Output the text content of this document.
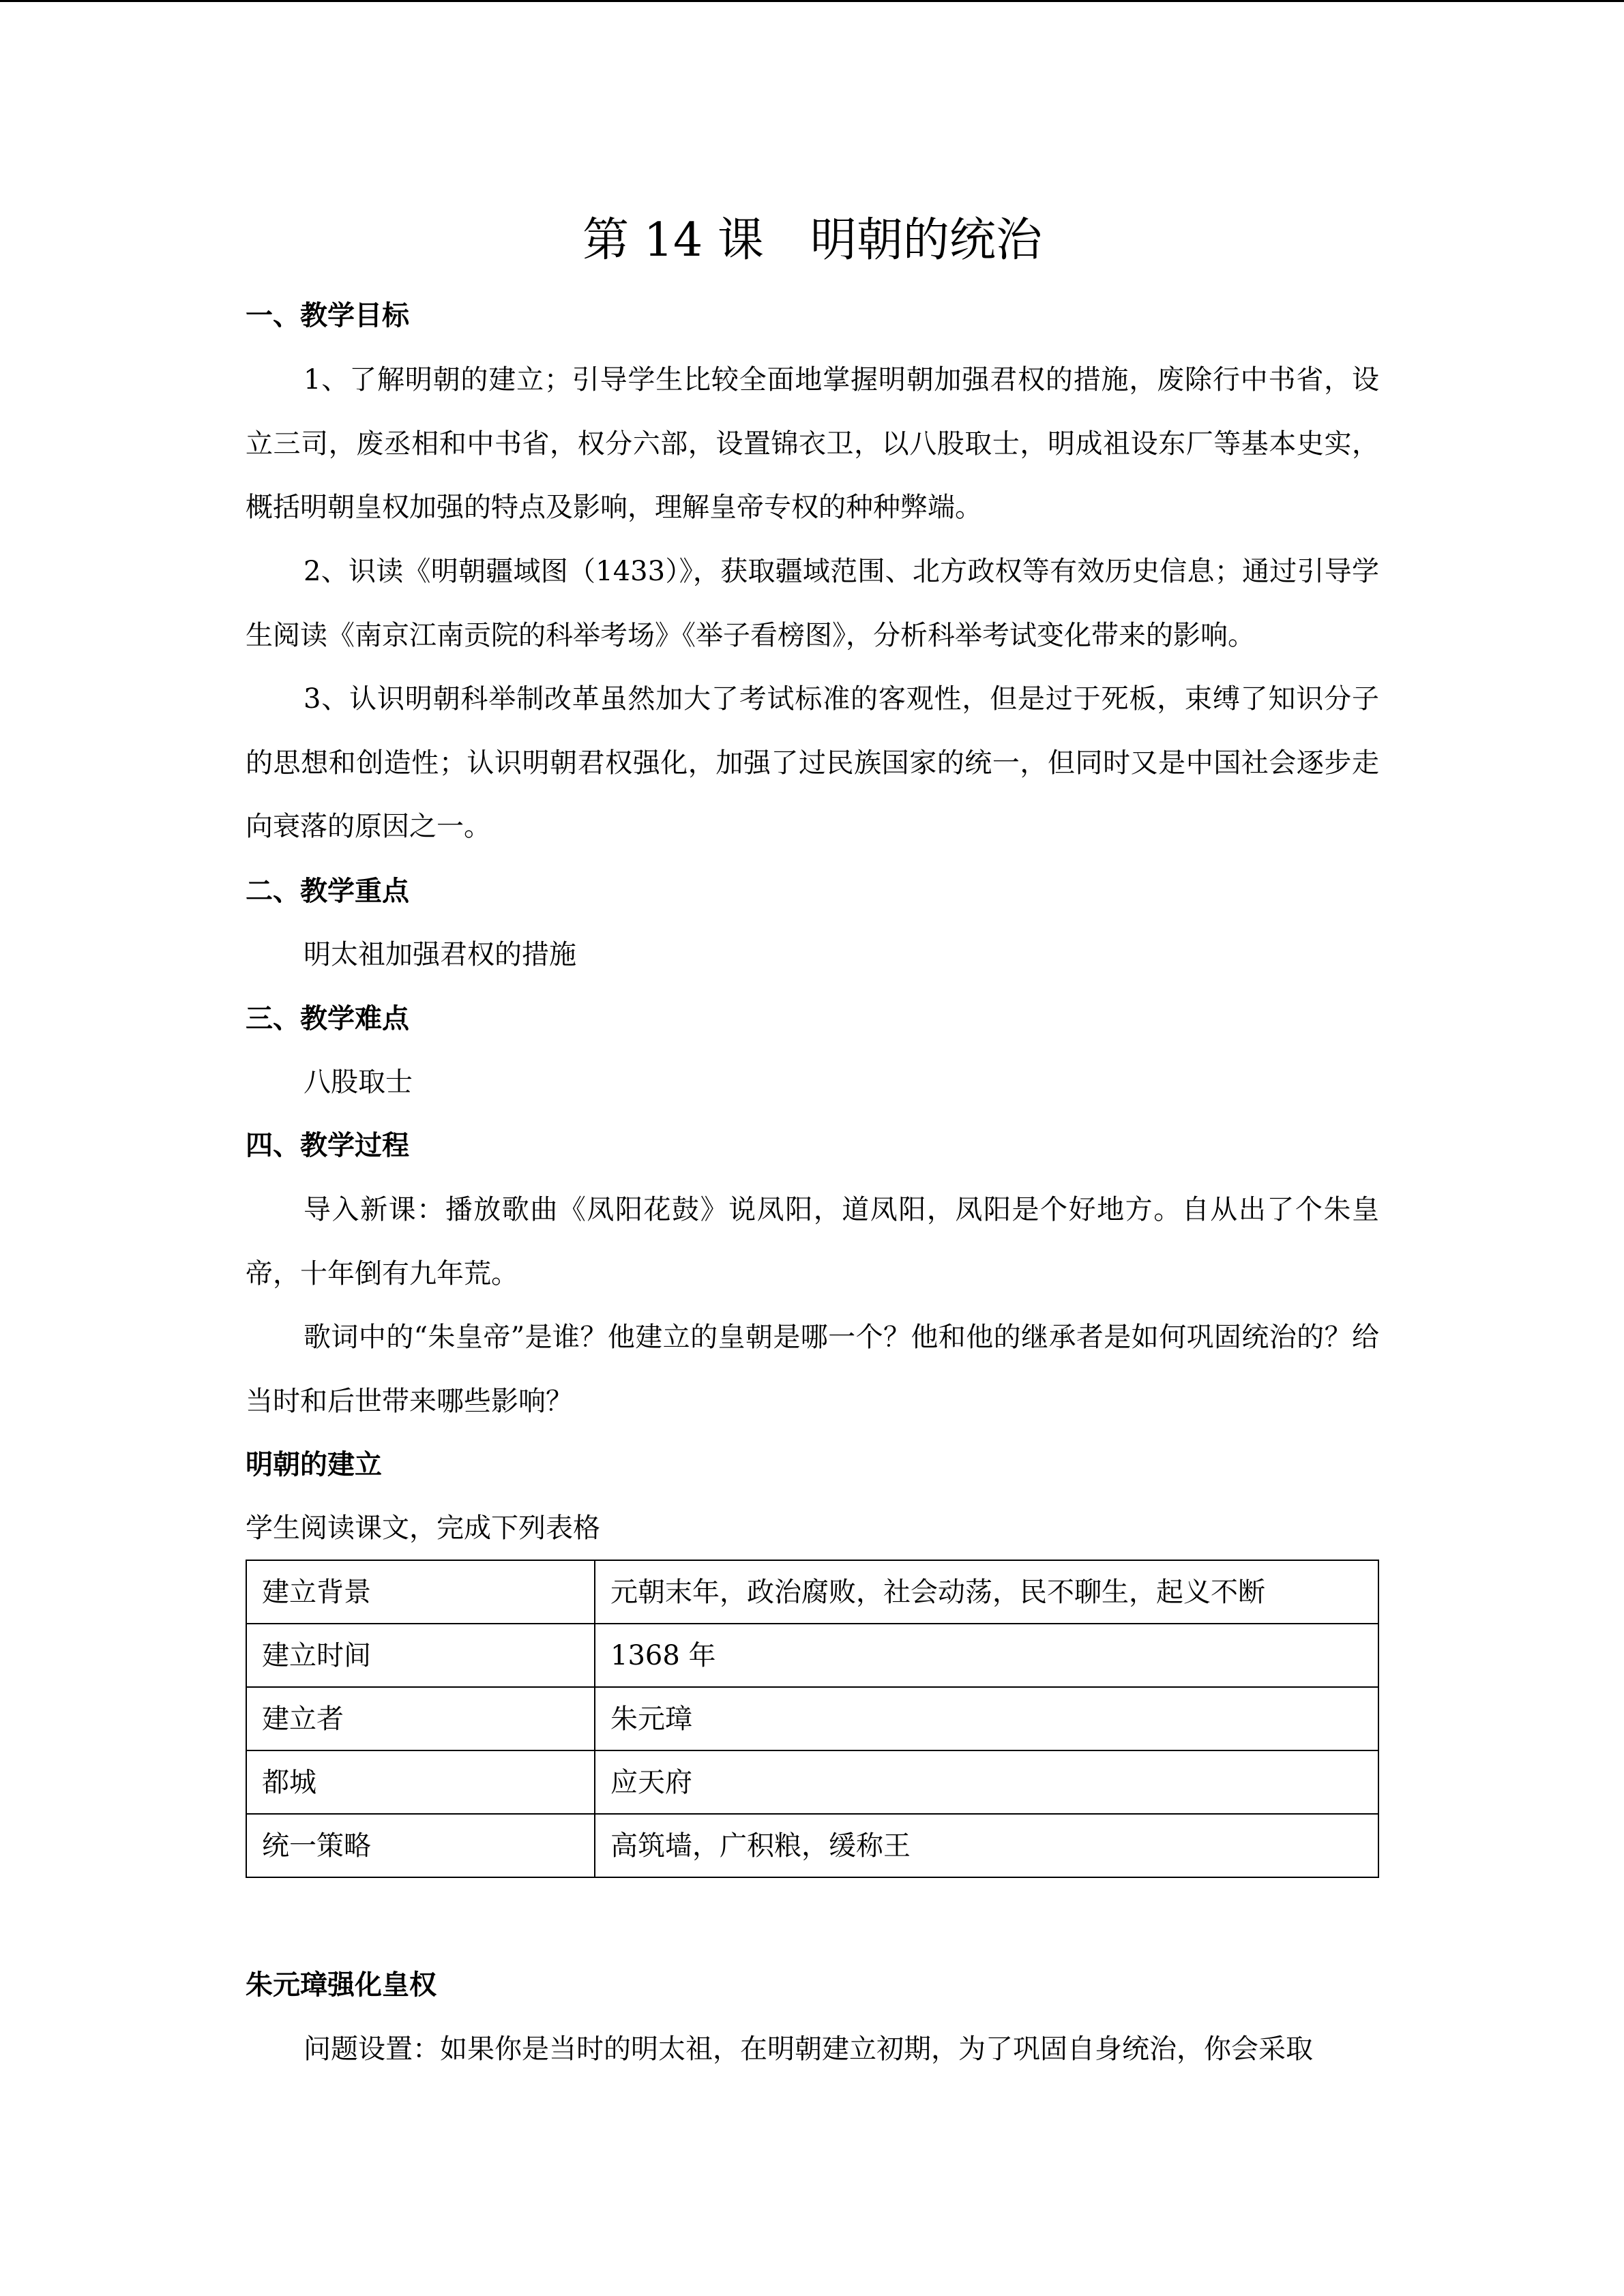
第 14 课　明朝的统治
一、教学目标

1、了解明朝的建立；引导学生比较全面地掌握明朝加强君权的措施，废除行中书省，设立三司，废丞相和中书省，权分六部，设置锦衣卫，以八股取士，明成祖设东厂等基本史实，概括明朝皇权加强的特点及影响，理解皇帝专权的种种弊端。

2、识读《明朝疆域图（1433）》，获取疆域范围、北方政权等有效历史信息；通过引导学生阅读《南京江南贡院的科举考场》《举子看榜图》，分析科举考试变化带来的影响。

3、认识明朝科举制改革虽然加大了考试标准的客观性，但是过于死板，束缚了知识分子的思想和创造性；认识明朝君权强化，加强了过民族国家的统一，但同时又是中国社会逐步走向衰落的原因之一。

二、教学重点

明太祖加强君权的措施

三、教学难点

八股取士

四、教学过程

导入新课：播放歌曲《凤阳花鼓》说凤阳，道凤阳，凤阳是个好地方。自从出了个朱皇帝，十年倒有九年荒。

歌词中的“朱皇帝”是谁？他建立的皇朝是哪一个？他和他的继承者是如何巩固统治的？给当时和后世带来哪些影响？

明朝的建立

学生阅读课文，完成下列表格

建立背景	元朝末年，政治腐败，社会动荡，民不聊生，起义不断
建立时间	1368 年
建立者	朱元璋
都城	应天府
统一策略	高筑墙，广积粮，缓称王
朱元璋强化皇权

问题设置：如果你是当时的明太祖，在明朝建立初期，为了巩固自身统治，你会采取
